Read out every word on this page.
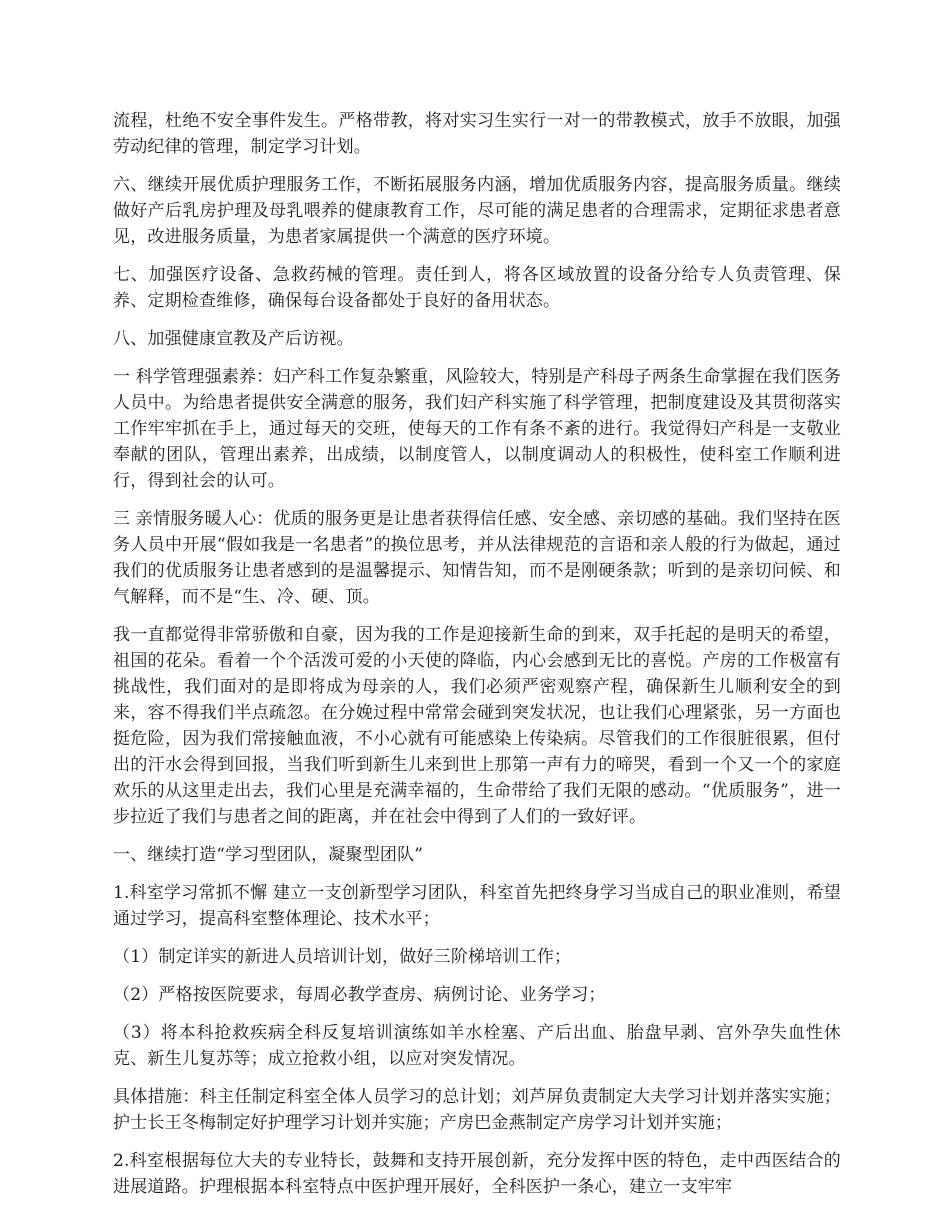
流程，杜绝不安全事件发生。严格带教，将对实习生实行一对一的带教模式，放手不放眼，加强劳动纪律的管理，制定学习计划。

六、继续开展优质护理服务工作，不断拓展服务内涵，增加优质服务内容，提高服务质量。继续做好产后乳房护理及母乳喂养的健康教育工作，尽可能的满足患者的合理需求，定期征求患者意见，改进服务质量，为患者家属提供一个满意的医疗环境。

七、加强医疗设备、急救药械的管理。责任到人，将各区域放置的设备分给专人负责管理、保养、定期检查维修，确保每台设备都处于良好的备用状态。

八、加强健康宣教及产后访视。

一 科学管理强素养：妇产科工作复杂繁重，风险较大，特别是产科母子两条生命掌握在我们医务人员中。为给患者提供安全满意的服务，我们妇产科实施了科学管理，把制度建设及其贯彻落实工作牢牢抓在手上，通过每天的交班，使每天的工作有条不紊的进行。我觉得妇产科是一支敬业奉献的团队，管理出素养，出成绩，以制度管人，以制度调动人的积极性，使科室工作顺利进行，得到社会的认可。

三 亲情服务暖人心：优质的服务更是让患者获得信任感、安全感、亲切感的基础。我们坚持在医务人员中开展“假如我是一名患者”的换位思考，并从法律规范的言语和亲人般的行为做起，通过我们的优质服务让患者感到的是温馨提示、知情告知，而不是刚硬条款；听到的是亲切问候、和气解释，而不是“生、冷、硬、顶。

我一直都觉得非常骄傲和自豪，因为我的工作是迎接新生命的到来，双手托起的是明天的希望，祖国的花朵。看着一个个活泼可爱的小天使的降临，内心会感到无比的喜悦。产房的工作极富有挑战性，我们面对的是即将成为母亲的人，我们必须严密观察产程，确保新生儿顺利安全的到来，容不得我们半点疏忽。在分娩过程中常常会碰到突发状况，也让我们心理紧张，另一方面也挺危险，因为我们常接触血液，不小心就有可能感染上传染病。尽管我们的工作很脏很累，但付出的汗水会得到回报，当我们听到新生儿来到世上那第一声有力的啼哭，看到一个又一个的家庭欢乐的从这里走出去，我们心里是充满幸福的，生命带给了我们无限的感动。“优质服务”，进一步拉近了我们与患者之间的距离，并在社会中得到了人们的一致好评。

一、继续打造“学习型团队，凝聚型团队”

1.科室学习常抓不懈 建立一支创新型学习团队，科室首先把终身学习当成自己的职业准则，希望通过学习，提高科室整体理论、技术水平；

（1）制定详实的新进人员培训计划，做好三阶梯培训工作；

（2）严格按医院要求，每周必教学查房、病例讨论、业务学习；

（3）将本科抢救疾病全科反复培训演练如羊水栓塞、产后出血、胎盘早剥、宫外孕失血性休克、新生儿复苏等；成立抢救小组，以应对突发情况。

具体措施：科主任制定科室全体人员学习的总计划；刘芦屏负责制定大夫学习计划并落实实施；护士长王冬梅制定好护理学习计划并实施；产房巴金燕制定产房学习计划并实施；

2.科室根据每位大夫的专业特长，鼓舞和支持开展创新，充分发挥中医的特色，走中西医结合的进展道路。护理根据本科室特点中医护理开展好，全科医护一条心，建立一支牢牢
